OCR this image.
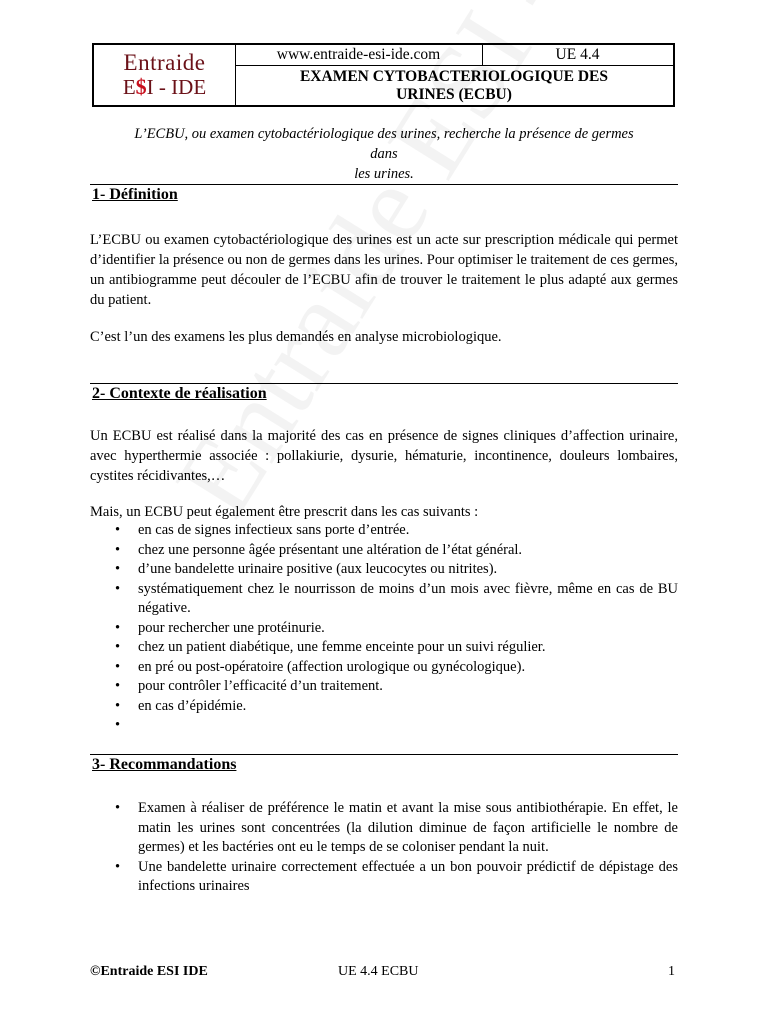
Entraide
E$I - IDE
www.entraide-esi-ide.com	UE 4.4
EXAMEN CYTOBACTERIOLOGIQUE DES
URINES (ECBU)
L’ECBU, ou examen cytobactériologique des urines, recherche la présence de germes dans
les urines.
1- Définition
L’ECBU ou examen cytobactériologique des urines est un acte sur prescription médicale qui permet d’identifier la présence ou non de germes dans les urines. Pour optimiser le traitement de ces germes, un antibiogramme peut découler de l’ECBU afin de trouver le traitement le plus adapté aux germes du patient.
C’est l’un des examens les plus demandés en analyse microbiologique.
2- Contexte de réalisation
Un ECBU est réalisé dans la majorité des cas en présence de signes cliniques d’affection urinaire, avec hyperthermie associée : pollakiurie, dysurie, hématurie, incontinence, douleurs lombaires, cystites récidivantes,…
Mais, un ECBU peut également être prescrit dans les cas suivants :
• en cas de signes infectieux sans porte d’entrée.
• chez une personne âgée présentant une altération de l’état général.
• d’une bandelette urinaire positive (aux leucocytes ou nitrites).
• systématiquement chez le nourrisson de moins d’un mois avec fièvre, même en cas de BU négative.
• pour rechercher une protéinurie.
• chez un patient diabétique, une femme enceinte pour un suivi régulier.
• en pré ou post-opératoire (affection urologique ou gynécologique).
• pour contrôler l’efficacité d’un traitement.
• en cas d’épidémie.
•

3- Recommandations
• Examen à réaliser de préférence le matin et avant la mise sous antibiothérapie. En effet, le matin les urines sont concentrées (la dilution diminue de façon artificielle le nombre de germes) et les bactéries ont eu le temps de se coloniser pendant la nuit.
• Une bandelette urinaire correctement effectuée a un bon pouvoir prédictif de dépistage des infections urinaires
©Entraide ESI IDE	UE 4.4 ECBU	1
